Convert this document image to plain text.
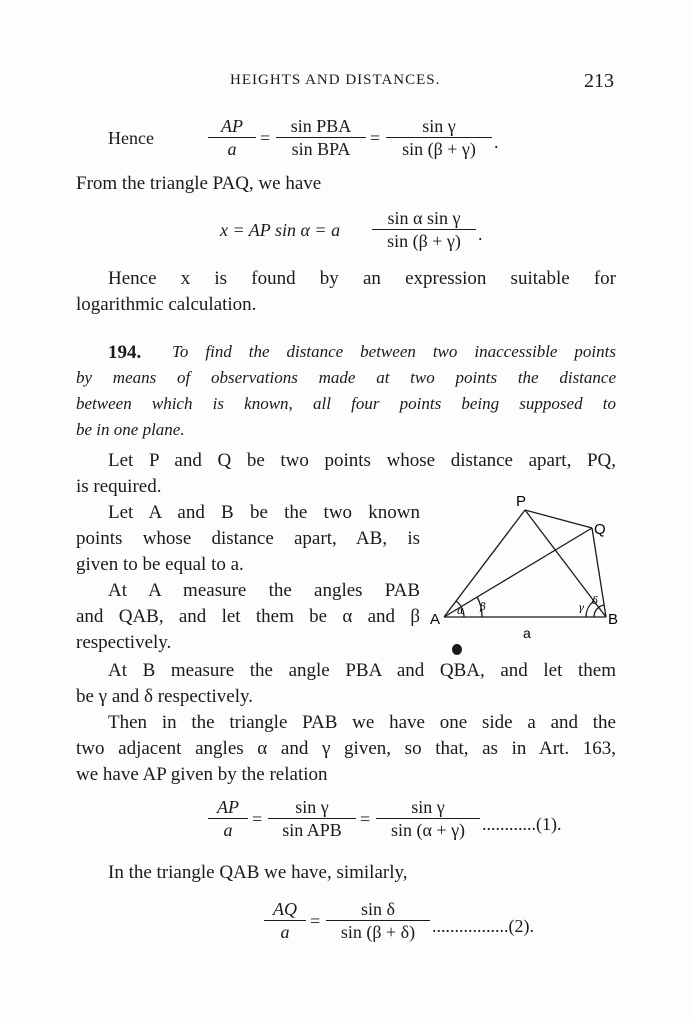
HEIGHTS AND DISTANCES.	213
Hence
AP
a
=
sin PBA
sin BPA
=
sin γ
sin (β + γ)	.
From the triangle PAQ, we have
x = AP sin α = a
sin α sin γ
sin (β + γ) .
Hence x is found by an expression suitable for
logarithmic calculation.
194. To find the distance between two inaccessible points
by means of observations made at two points the distance
between which is known, all four points being supposed to
be in one plane.
Let P and Q be two points whose distance apart, PQ,
is required.
Let A and B be the two known
points whose distance apart, AB, is
given to be equal to a.
At A measure the angles PAB
and QAB, and let them be α and β
respectively.
At B measure the angle PBA and QBA, and let them
be γ and δ respectively.
Then in the triangle PAB we have one side a and the
two adjacent angles α and γ given, so that, as in Art. 163,
we have AP given by the relation
P
Q
A	B
a
α β	γ
δ
AP
a
=
sin γ
sin APB
=
sin γ
sin (α + γ) ............(1).
In the triangle QAB we have, similarly,
AQ
a
=
sin δ
sin (β + δ) .................(2).
